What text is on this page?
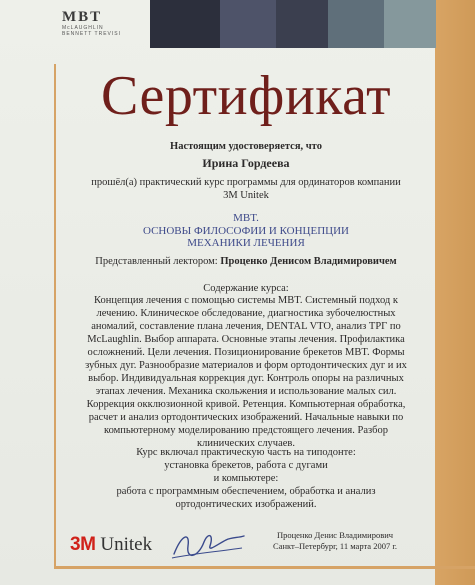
MBT
McLAUGHLIN BENNETT TREVISI
Сертификат
Настоящим удостоверяется, что
Ирина Гордеева
прошёл(а) практический курс программы для ординаторов компании
3M Unitek
MBT.
ОСНОВЫ ФИЛОСОФИИ И КОНЦЕПЦИИ
МЕХАНИКИ ЛЕЧЕНИЯ
Представленный лектором: Проценко Денисом Владимировичем
Содержание курса:
Концепция лечения с помощью системы MBT. Системный подход к
лечению. Клиническое обследование, диагностика зубочелюстных
аномалий, составление плана лечения, DENTAL VTO, анализ ТРГ по
McLaughlin. Выбор аппарата. Основные этапы лечения. Профилактика
осложнений. Цели лечения. Позиционирование брекетов MBT. Формы
зубных дуг. Разнообразие материалов и форм ортодонтических дуг и их
выбор. Индивидуальная коррекция дуг. Контроль опоры на различных
этапах лечения. Механика скольжения и использование малых сил.
Коррекция окклюзионной кривой. Ретенция. Компьютерная обработка,
расчет и анализ ортодонтических изображений. Начальные навыки по
компьютерному моделированию предстоящего лечения. Разбор
клинических случаев.
Курс включал практическую часть на типодонте:
установка брекетов, работа с дугами
и компьютере:
работа с программным обеспечением, обработка и анализ
ортодонтических изображений.
3M Unitek	Проценко Денис Владимирович
Санкт–Петербург, 11 марта 2007 г.
